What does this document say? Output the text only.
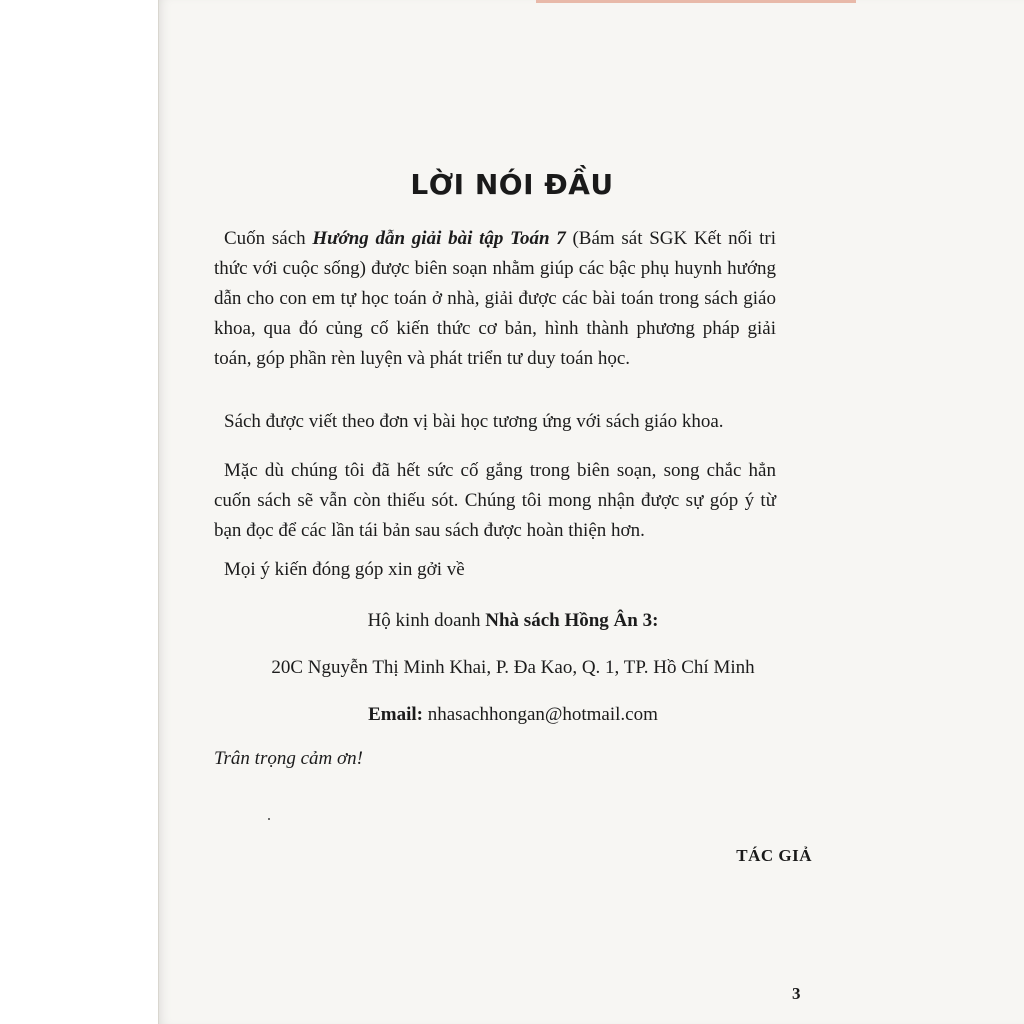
LỜI NÓI ĐẦU

Cuốn sách Hướng dẫn giải bài tập Toán 7 (Bám sát SGK Kết nối tri thức với cuộc sống) được biên soạn nhằm giúp các bậc phụ huynh hướng dẫn cho con em tự học toán ở nhà, giải được các bài toán trong sách giáo khoa, qua đó củng cố kiến thức cơ bản, hình thành phương pháp giải toán, góp phần rèn luyện và phát triển tư duy toán học.

Sách được viết theo đơn vị bài học tương ứng với sách giáo khoa.

Mặc dù chúng tôi đã hết sức cố gắng trong biên soạn, song chắc hẳn cuốn sách sẽ vẫn còn thiếu sót. Chúng tôi mong nhận được sự góp ý từ bạn đọc để các lần tái bản sau sách được hoàn thiện hơn.

Mọi ý kiến đóng góp xin gởi về

Hộ kinh doanh Nhà sách Hồng Ân 3:

20C Nguyễn Thị Minh Khai, P. Đa Kao, Q. 1, TP. Hồ Chí Minh

Email: nhasachhongan@hotmail.com

Trân trọng cảm ơn!

TÁC GIẢ
3
